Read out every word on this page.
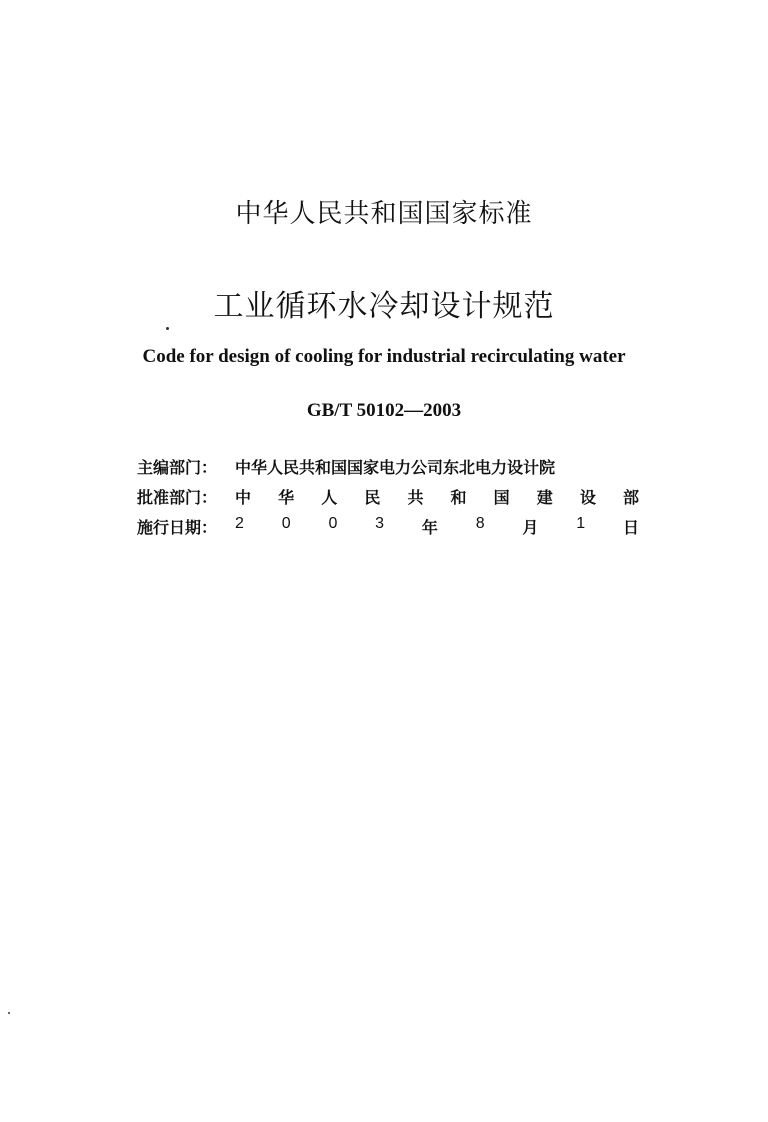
中华人民共和国国家标准
工业循环水冷却设计规范
Code for design of cooling for industrial recirculating water
GB/T 50102—2003
主编部门：	中华人民共和国国家电力公司东北电力设计院
批准部门：	中 华 人 民 共 和 国 建 设 部
施行日期：	2 0 0 3 年 8 月 1 日
